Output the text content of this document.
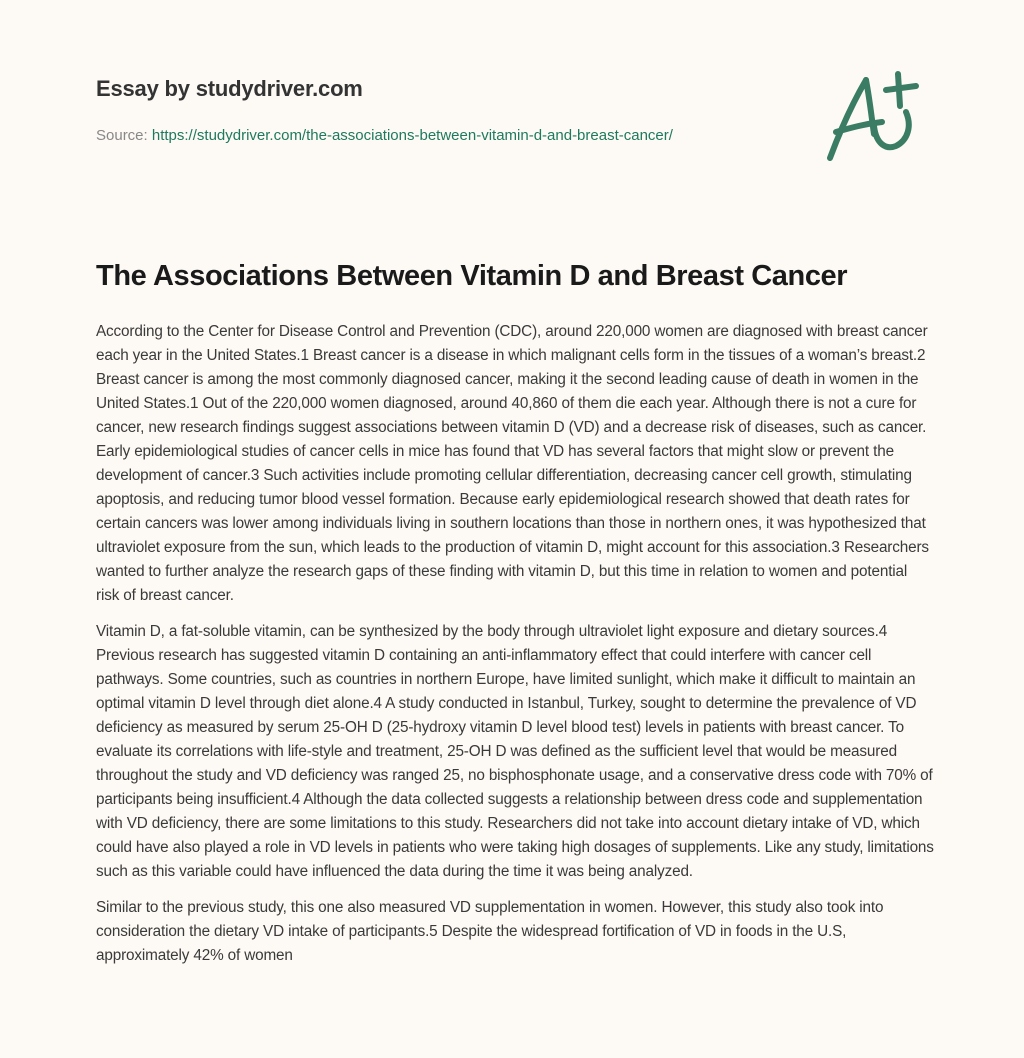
Essay by studydriver.com
Source: https://studydriver.com/the-associations-between-vitamin-d-and-breast-cancer/
The Associations Between Vitamin D and Breast Cancer

According to the Center for Disease Control and Prevention (CDC), around 220,000 women are diagnosed with breast cancer each year in the United States.1 Breast cancer is a disease in which malignant cells form in the tissues of a woman’s breast.2 Breast cancer is among the most commonly diagnosed cancer, making it the second leading cause of death in women in the United States.1 Out of the 220,000 women diagnosed, around 40,860 of them die each year. Although there is not a cure for cancer, new research findings suggest associations between vitamin D (VD) and a decrease risk of diseases, such as cancer. Early epidemiological studies of cancer cells in mice has found that VD has several factors that might slow or prevent the development of cancer.3 Such activities include promoting cellular differentiation, decreasing cancer cell growth, stimulating apoptosis, and reducing tumor blood vessel formation. Because early epidemiological research showed that death rates for certain cancers was lower among individuals living in southern locations than those in northern ones, it was hypothesized that ultraviolet exposure from the sun, which leads to the production of vitamin D, might account for this association.3 Researchers wanted to further analyze the research gaps of these finding with vitamin D, but this time in relation to women and potential risk of breast cancer.

Vitamin D, a fat-soluble vitamin, can be synthesized by the body through ultraviolet light exposure and dietary sources.4 Previous research has suggested vitamin D containing an anti-inflammatory effect that could interfere with cancer cell pathways. Some countries, such as countries in northern Europe, have limited sunlight, which make it difficult to maintain an optimal vitamin D level through diet alone.4 A study conducted in Istanbul, Turkey, sought to determine the prevalence of VD deficiency as measured by serum 25-OH D (25-hydroxy vitamin D level blood test) levels in patients with breast cancer. To evaluate its correlations with life-style and treatment, 25-OH D was defined as the sufficient level that would be measured throughout the study and VD deficiency was ranged 25, no bisphosphonate usage, and a conservative dress code with 70% of participants being insufficient.4 Although the data collected suggests a relationship between dress code and supplementation with VD deficiency, there are some limitations to this study. Researchers did not take into account dietary intake of VD, which could have also played a role in VD levels in patients who were taking high dosages of supplements. Like any study, limitations such as this variable could have influenced the data during the time it was being analyzed.

Similar to the previous study, this one also measured VD supplementation in women. However, this study also took into consideration the dietary VD intake of participants.5 Despite the widespread fortification of VD in foods in the U.S, approximately 42% of women
